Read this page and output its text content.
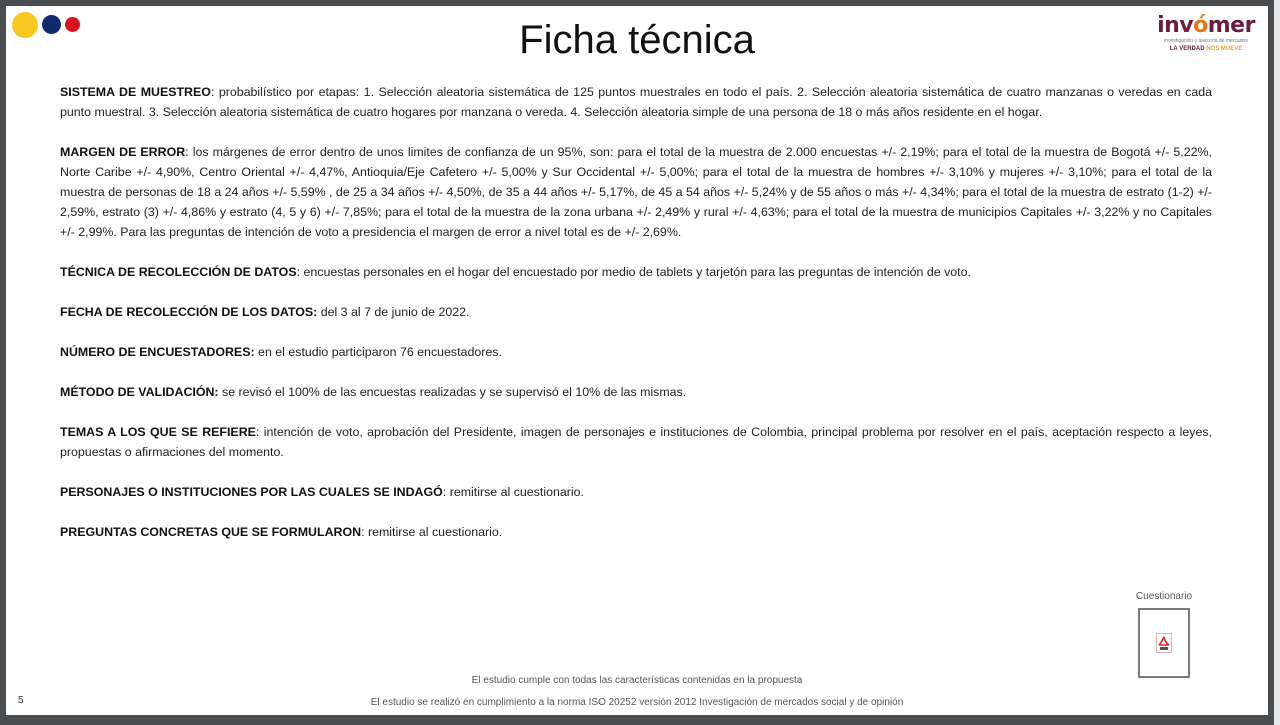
Ficha técnica	invómer
investigación y asesoría de mercados
LA VERDAD NOS MUEVE

SISTEMA DE MUESTREO: probabilístico por etapas: 1. Selección aleatoria sistemática de 125 puntos muestrales en todo el país. 2. Selección aleatoria sistemática de cuatro manzanas o veredas en cada punto muestral. 3. Selección aleatoria sistemática de cuatro hogares por manzana o vereda. 4. Selección aleatoria simple de una persona de 18 o más años residente en el hogar.

MARGEN DE ERROR: los márgenes de error dentro de unos limites de confianza de un 95%, son: para el total de la muestra de 2.000 encuestas +/- 2,19%; para el total de la muestra de Bogotá +/- 5,22%, Norte Caribe +/- 4,90%, Centro Oriental +/- 4,47%, Antioquia/Eje Cafetero +/- 5,00% y Sur Occidental +/- 5,00%; para el total de la muestra de hombres +/- 3,10% y mujeres +/- 3,10%; para el total de la muestra de personas de 18 a 24 años +/- 5,59% , de 25 a 34 años +/- 4,50%, de 35 a 44 años +/- 5,17%, de 45 a 54 años +/- 5,24% y de 55 años o más +/- 4,34%; para el total de la muestra de estrato (1-2) +/- 2,59%, estrato (3) +/- 4,86% y estrato (4, 5 y 6) +/- 7,85%; para el total de la muestra de la zona urbana +/- 2,49% y rural +/- 4,63%; para el total de la muestra de municipios Capitales +/- 3,22% y no Capitales +/- 2,99%. Para las preguntas de intención de voto a presidencia el margen de error a nivel total es de +/- 2,69%.

TÉCNICA DE RECOLECCIÓN DE DATOS: encuestas personales en el hogar del encuestado por medio de tablets y tarjetón para las preguntas de intención de voto.

FECHA DE RECOLECCIÓN DE LOS DATOS: del 3 al 7 de junio de 2022.

NÚMERO DE ENCUESTADORES: en el estudio participaron 76 encuestadores.

MÉTODO DE VALIDACIÓN: se revisó el 100% de las encuestas realizadas y se supervisó el 10% de las mismas.

TEMAS A LOS QUE SE REFIERE: intención de voto, aprobación del Presidente, imagen de personajes e instituciones de Colombia, principal problema por resolver en el país, aceptación respecto a leyes, propuestas o afirmaciones del momento.

PERSONAJES O INSTITUCIONES POR LAS CUALES SE INDAGÓ: remitirse al cuestionario.

PREGUNTAS CONCRETAS QUE SE FORMULARON: remitirse al cuestionario.

Cuestionario
El estudio cumple con todas las características contenidas en la propuesta
El estudio se realizó en cumplimiento a la norma ISO 20252 versión 2012 Investigación de mercados social y de opinión
5
